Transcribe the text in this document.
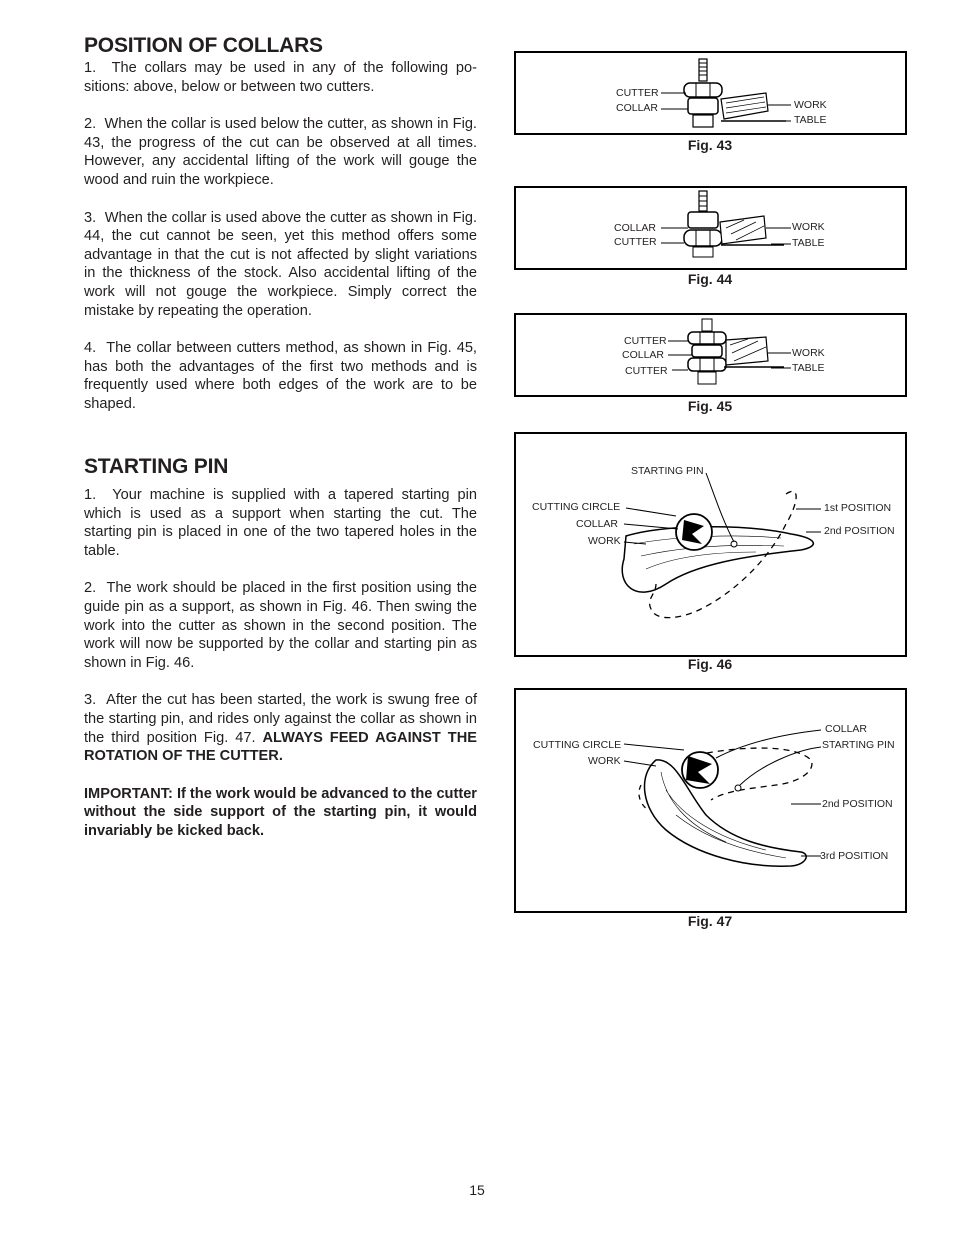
POSITION OF COLLARS

1.  The collars may be used in any of the following po-sitions: above, below or between two cutters.

2.  When the collar is used below the cutter, as shown in Fig. 43, the progress of the cut can be observed at all times. However, any accidental lifting of the work will gouge the wood and ruin the workpiece.

3.  When the collar is used above the cutter as shown in Fig. 44, the cut cannot be seen, yet this method offers some advantage in that the cut is not affected by slight variations in the thickness of the stock. Also accidental lifting of the work will not gouge the workpiece. Simply correct the mistake by repeating the operation.

4.  The collar between cutters method, as shown in Fig. 45, has both the advantages of the first two methods and is frequently used where both edges of the work are to be shaped.

STARTING PIN

1.  Your machine is supplied with a tapered starting pin which is used as a support when starting the cut. The starting pin is placed in one of the two tapered holes in the table.

2.  The work should be placed in the first position using the guide pin as a support, as shown in Fig. 46. Then swing the work into the cutter as shown in the second position. The work will now be supported by the collar and starting pin as shown in Fig. 46.

3.  After the cut has been started, the work is swung free of the starting pin, and rides only against the collar as shown in the third position Fig. 47. ALWAYS FEED AGAINST THE ROTATION OF THE CUTTER.

IMPORTANT: If the work would be advanced to the cutter without the side support of the starting pin, it would invariably be kicked back.

CUTTER
COLLAR	WORK
TABLE
Fig. 43
COLLAR
CUTTER
WORK
TABLE
Fig. 44
CUTTER
COLLAR
CUTTER
WORK
TABLE
Fig. 45
STARTING PIN
CUTTING CIRCLE
COLLAR
WORK
1st POSITION
2nd POSITION
Fig. 46
COLLAR
STARTING PIN
CUTTING CIRCLE
WORK
2nd POSITION
3rd POSITION
Fig. 47
15
